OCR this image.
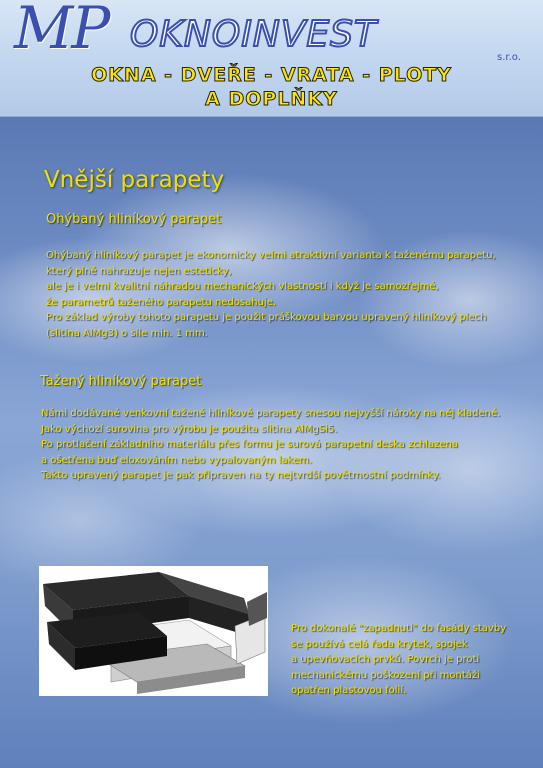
MP OKNOINVEST
s.r.o.
OKNA - DVEŘE - VRATA - PLOTY
A DOPLŇKY
Vnější parapety
Ohýbaný hliníkový parapet
Ohýbaný hliníkový parapet je ekonomicky velmi atraktivní varianta k taženému parapetu,
který plně nahrazuje nejen esteticky,
ale je i velmi kvalitní náhradou mechanických vlastností i když je samozřejmé,
že parametrů taženého parapetu nedosahuje.
Pro základ výroby tohoto parapetu je použit práškovou barvou upravený hliníkový plech
(slitina AlMg3) o síle min. 1 mm.
Tažený hliníkový parapet
Námi dodávané venkovní tažené hliníkové parapety snesou nejvyšší nároky na něj kladené.
Jako výchozí surovina pro výrobu je použita slitina AlMgSi5.
Po protlačení základního materiálu přes formu je surová parapetní deska zchlazena
a ošetřena buď eloxováním nebo vypalovaným lakem.
Takto upravený parapet je pak připraven na ty nejtvrdší povětrnostní podmínky.
Pro dokonalé "zapadnutí" do fasády stavby
se používá celá řada krytek, spojek
a upevňovacích prvků. Povrch je proti
mechanickému poškození při montáži
opatřen plastovou folií.
